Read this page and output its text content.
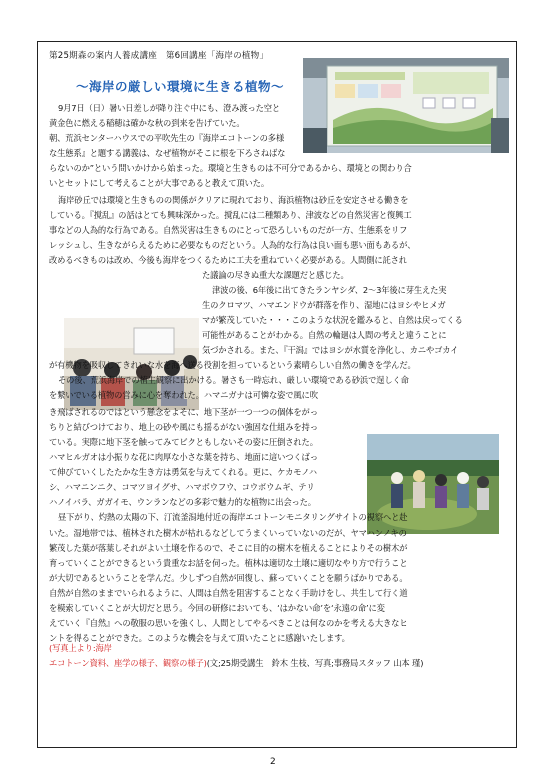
第25期森の案内人養成講座　第6回講座「海岸の植物」
～海岸の厳しい環境に生きる植物～
9月7日（日）暑い日差しが降り注ぐ中にも、澄み渡った空と
黄金色に燃える稲穂は確かな秋の到来を告げていた。
朝、荒浜センターハウスでの平吹先生の『海岸エコトーンの多様
な生態系』と題する講義は、なぜ植物がそこに根を下ろさねばな
らないのか”という問いかけから始まった。環境と生きものは不可分であるから、環境との関わり合
いとセットにして考えることが大事であると教えて頂いた。
海岸砂丘では環境と生きものの関係がクリアに現れており、海浜植物は砂丘を安定させる働きを
している。『撹乱』の話はとても興味深かった。撹乱には二種類あり、津波などの自然災害と復興工
事などの人為的な行為である。自然災害は生きものにとって恐ろしいものだが一方、生態系をリフ
レッシュし、生きながらえるために必要なものだという。人為的な行為は良い面も悪い面もあるが、
改めるべきものは改め、今後も海岸をつくるために工夫を重ねていく必要がある。人間側に託され
た議論の尽きぬ重大な課題だと感じた。
津波の後、6年後に出てきたランヤシダ、2～3年後に芽生えた実
生のクロマツ、ハマエンドウが群落を作り、湿地にはヨシやヒメガ
マが繁茂していた・・・このような状況を鑑みると、自然は戻ってくる
可能性があることがわかる。自然の輪廻は人間の考えと違うことに
気づかされる。また、『干潟』ではヨシが水質を浄化し、カニやゴカイ
が有機物を吸収してきれいな水を海へ送る役割を担っているという素晴らしい自然の働きを学んだ。
その後、荒浜海岸での植生観察に出かける。暑さも一時忘れ、厳しい環境である砂浜で逞しく命
を繋いでいる植物の営みに心を奪われた。ハマニガナは可憐な姿で風に吹
き飛ばされるのではという懸念をよそに、地下茎が一つ一つの個体をがっ
ちりと結びつけており、地上の砂や風にも揺るがない強固な仕組みを持っ
ている。実際に地下茎を触ってみてビクともしないその姿に圧倒された。
ハマヒルガオは小振りな花に肉厚な小さな葉を持ち、地面に這いつくばっ
て伸びていくしたたかな生き方は勇気を与えてくれる。更に、ケカモノハ
シ、ハマニンニク、コマツヨイグサ、ハマボウフウ、コウボウムギ、テリ
ハノイバラ、ガガイモ、ウンランなどの多彩で魅力的な植物に出会った。
昼下がり、灼熱の太陽の下、汀流釜潟地付近の海岸エコトーンモニタリングサイトの視察へと赴
いた。湿地帯では、植林された樹木が枯れるなどしてうまくいっていないのだが、ヤマハンノキの
繁茂した葉が落葉しそれがよい土壌を作るので、そこに目的の樹木を植えることによりその樹木が
育っていくことができるという貴重なお話を伺った。植林は適切な土壌に適切なやり方で行うこと
が大切であるということを学んだ。少しずつ自然が回復し、蘇っていくことを願うばかりである。
自然が自然のままでいられるように、人間は自然を阻害することなく手助けをし、共生して行く道
を模索していくことが大切だと思う。今回の研修においても、‘はかない命’を‘永遠の命’に変
えていく『自然』への敬服の思いを強くし、人間としてやるべきことは何なのかを考える大きなヒ
ントを得ることができた。このような機会を与えて頂いたことに感謝いたします。
(写真上より:海岸
エコトーン資料、座学の様子、観察の様子)(文;25期受講生　鈴木 生枝、写真;事務局スタッフ 山本 瑾)
2
